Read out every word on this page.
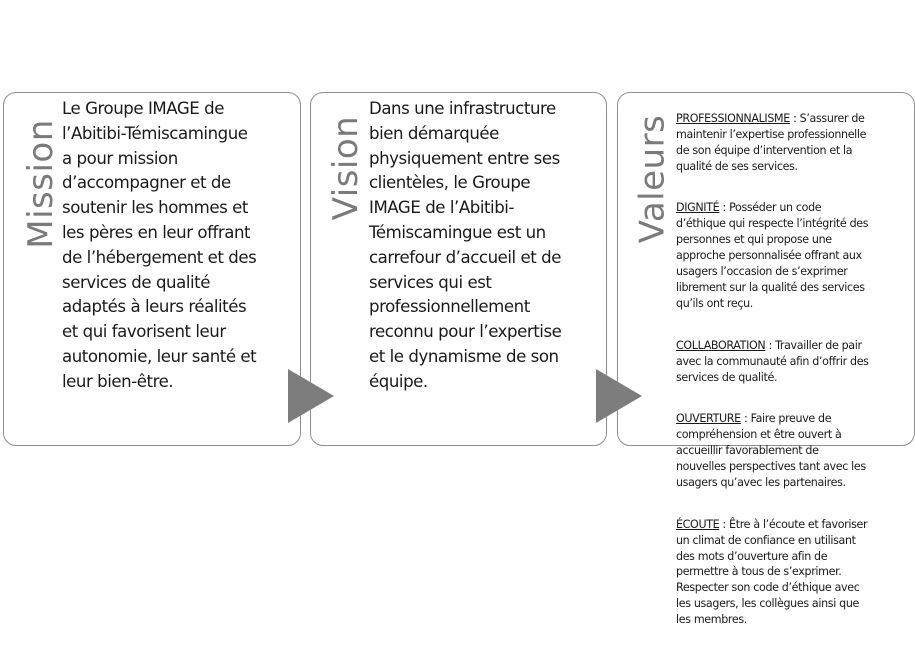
Mission
Le Groupe IMAGE de
l’Abitibi-Témiscamingue
a pour mission
d’accompagner et de
soutenir les hommes et
les pères en leur offrant
de l’hébergement et des
services de qualité
adaptés à leurs réalités
et qui favorisent leur
autonomie, leur santé et
leur bien-être.
Vision
Dans une infrastructure
bien démarquée
physiquement entre ses
clientèles, le Groupe
IMAGE de l’Abitibi-
Témiscamingue est un
carrefour d’accueil et de
services qui est
professionnellement
reconnu pour l’expertise
et le dynamisme de son
équipe.
Valeurs PROFESSIONNALISME : S’assurer de
maintenir l’expertise professionnelle
de son équipe d’intervention et la
qualité de ses services.

DIGNITÉ : Posséder un code
d’éthique qui respecte l’intégrité des
personnes et qui propose une
approche personnalisée offrant aux
usagers l’occasion de s’exprimer
librement sur la qualité des services
qu’ils ont reçu.

COLLABORATION : Travailler de pair
avec la communauté afin d’offrir des
services de qualité.

OUVERTURE : Faire preuve de
compréhension et être ouvert à
accueillir favorablement de
nouvelles perspectives tant avec les
usagers qu’avec les partenaires.

ÉCOUTE : Être à l’écoute et favoriser
un climat de confiance en utilisant
des mots d’ouverture afin de
permettre à tous de s’exprimer.
Respecter son code d’éthique avec
les usagers, les collègues ainsi que
les membres.
